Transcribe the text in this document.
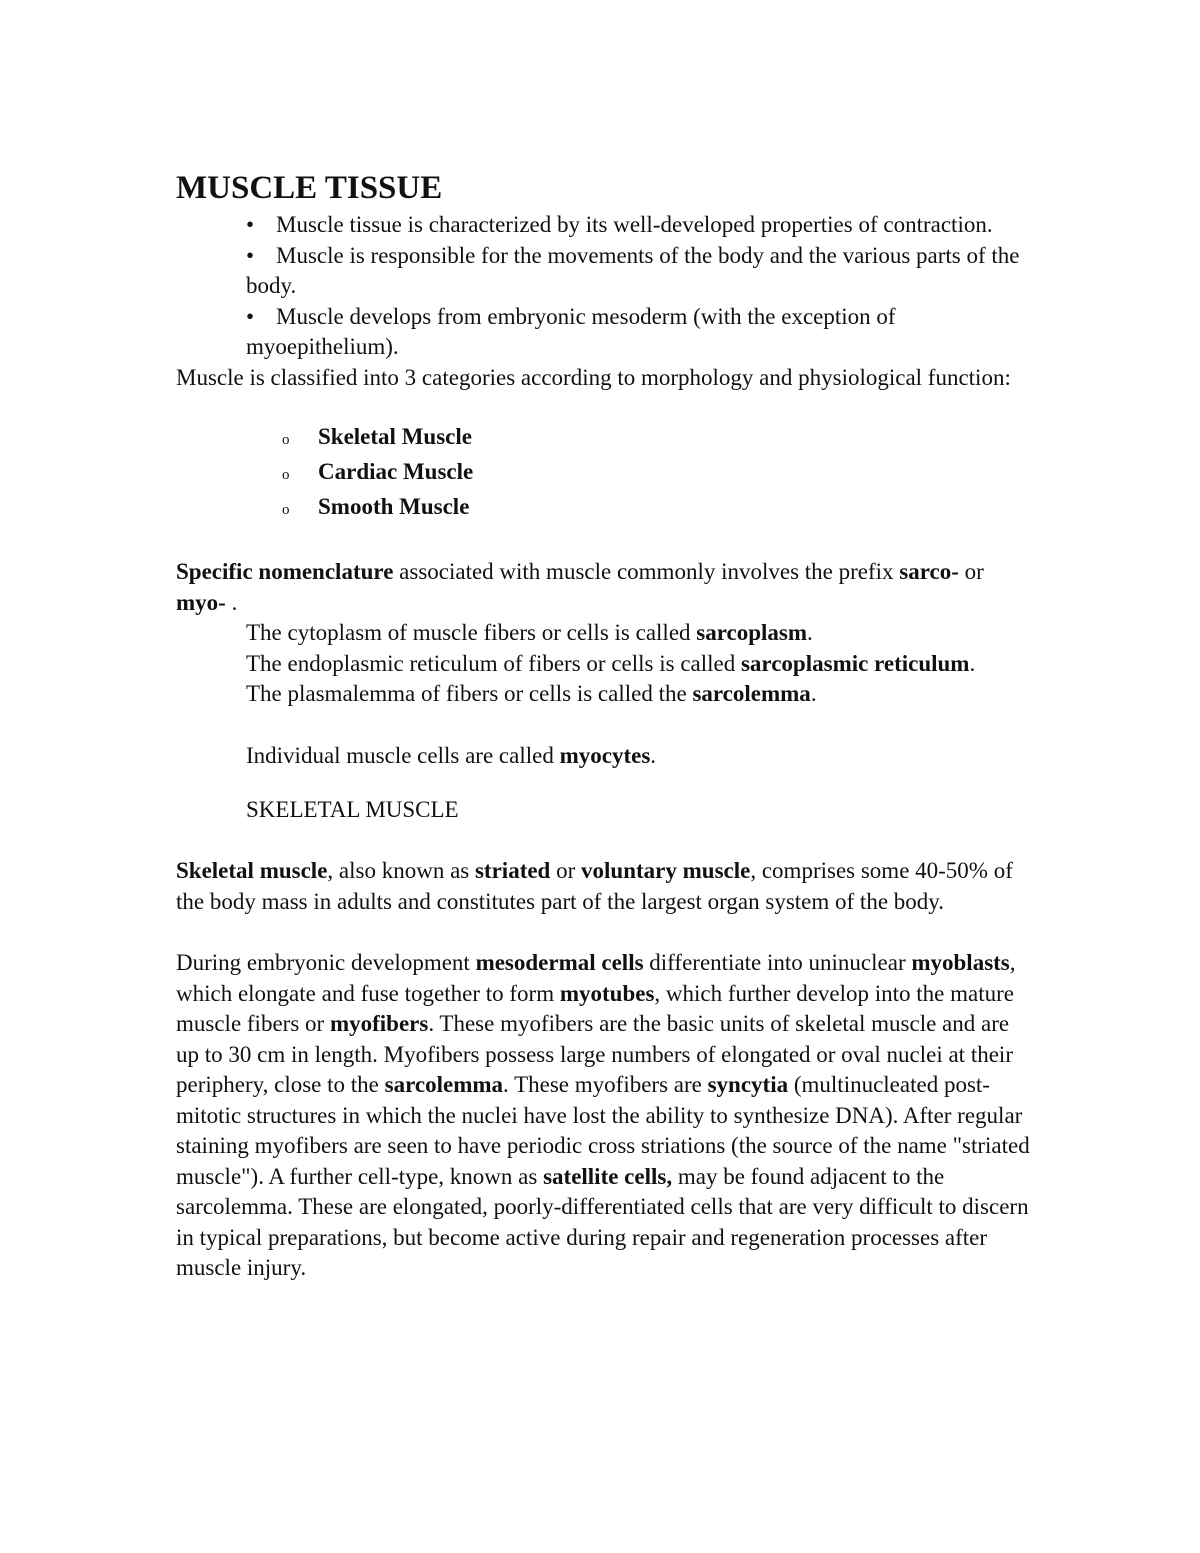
MUSCLE TISSUE
• Muscle tissue is characterized by its well-developed properties of contraction.
• Muscle is responsible for the movements of the body and the various parts of the body.
• Muscle develops from embryonic mesoderm (with the exception of myoepithelium).

Muscle is classified into 3 categories according to morphology and physiological function:

o Skeletal Muscle
o Cardiac Muscle
o Smooth Muscle

Specific nomenclature associated with muscle commonly involves the prefix sarco- or myo- .

The cytoplasm of muscle fibers or cells is called sarcoplasm.

The endoplasmic reticulum of fibers or cells is called sarcoplasmic reticulum.

The plasmalemma of fibers or cells is called the sarcolemma.

Individual muscle cells are called myocytes.

SKELETAL MUSCLE

Skeletal muscle, also known as striated or voluntary muscle, comprises some 40-50% of the body mass in adults and constitutes part of the largest organ system of the body.

During embryonic development mesodermal cells differentiate into uninuclear myoblasts, which elongate and fuse together to form myotubes, which further develop into the mature muscle fibers or myofibers. These myofibers are the basic units of skeletal muscle and are up to 30 cm in length. Myofibers possess large numbers of elongated or oval nuclei at their periphery, close to the sarcolemma. These myofibers are syncytia (multinucleated post-mitotic structures in which the nuclei have lost the ability to synthesize DNA). After regular staining myofibers are seen to have periodic cross striations (the source of the name "striated muscle"). A further cell-type, known as satellite cells, may be found adjacent to the sarcolemma. These are elongated, poorly-differentiated cells that are very difficult to discern in typical preparations, but become active during repair and regeneration processes after muscle injury.
